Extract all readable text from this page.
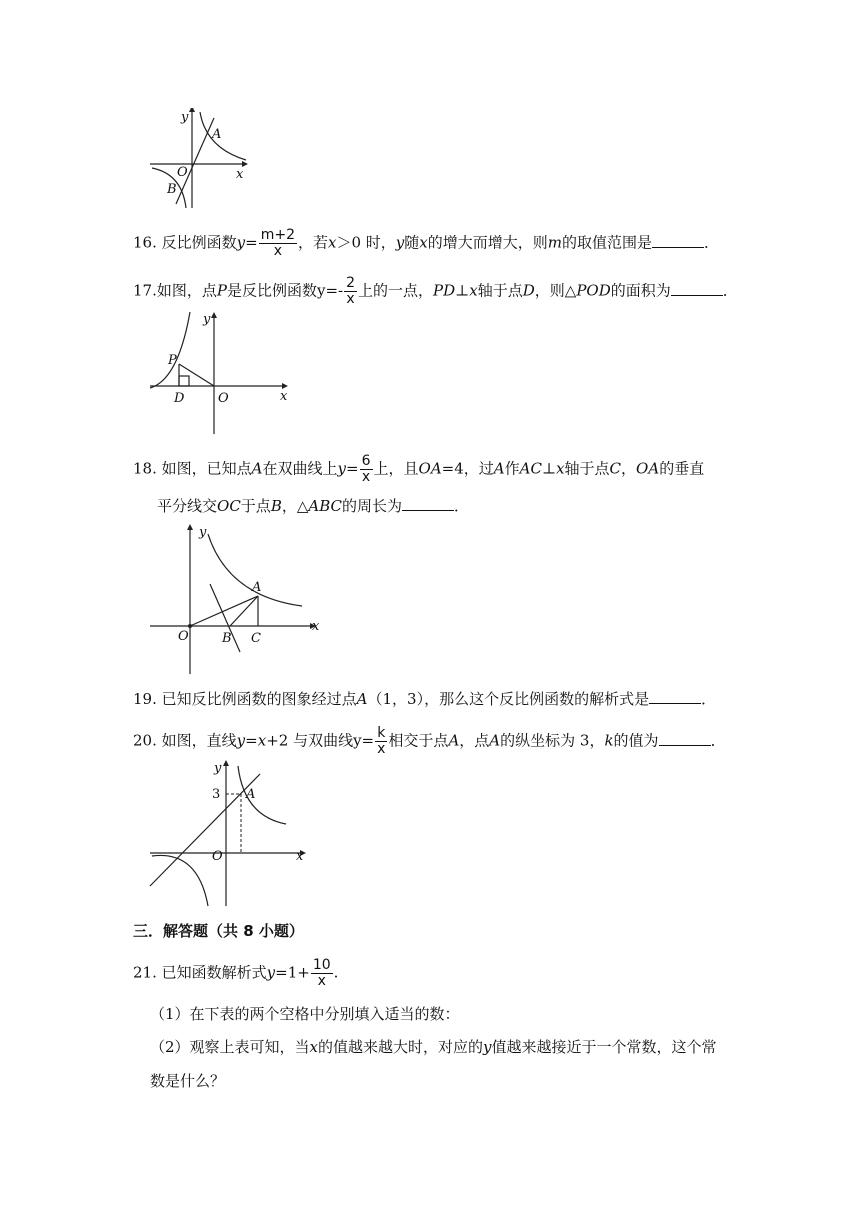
y
x
O
A
B
16. 反比例函数$y= \frac{m+2}{x}$ ，若x＞0 时，y随x的增大而增大，则m的取值范围是	．
17.如图，点P是反比例函数$y=- \frac{2}{x}$ 上的一点，PD⊥x轴于点D，则△POD的面积为	．
y
x
O
P
D
18. 如图，已知点A在双曲线上$y= \frac{6}{x}$ 上，且OA=4，过A作AC⊥x轴于点C，OA的垂直
平分线交OC于点B，△ABC的周长为	．
y
x
O
A
B C
19. 已知反比例函数的图象经过点A（1，3），那么这个反比例函数的解析式是	．
20. 如图，直线y=x+2 与双曲线$y= \frac{k}{x}$ 相交于点A，点A的纵坐标为 3，k的值为	．
y
x
O
A
3
三．解答题（共 8 小题）
21. 已知函数解析式$y=1+ \frac{10}{x}$ .
（1）在下表的两个空格中分别填入适当的数：
（2）观察上表可知，当x的值越来越大时，对应的y值越来越接近于一个常数，这个常
数是什么？
